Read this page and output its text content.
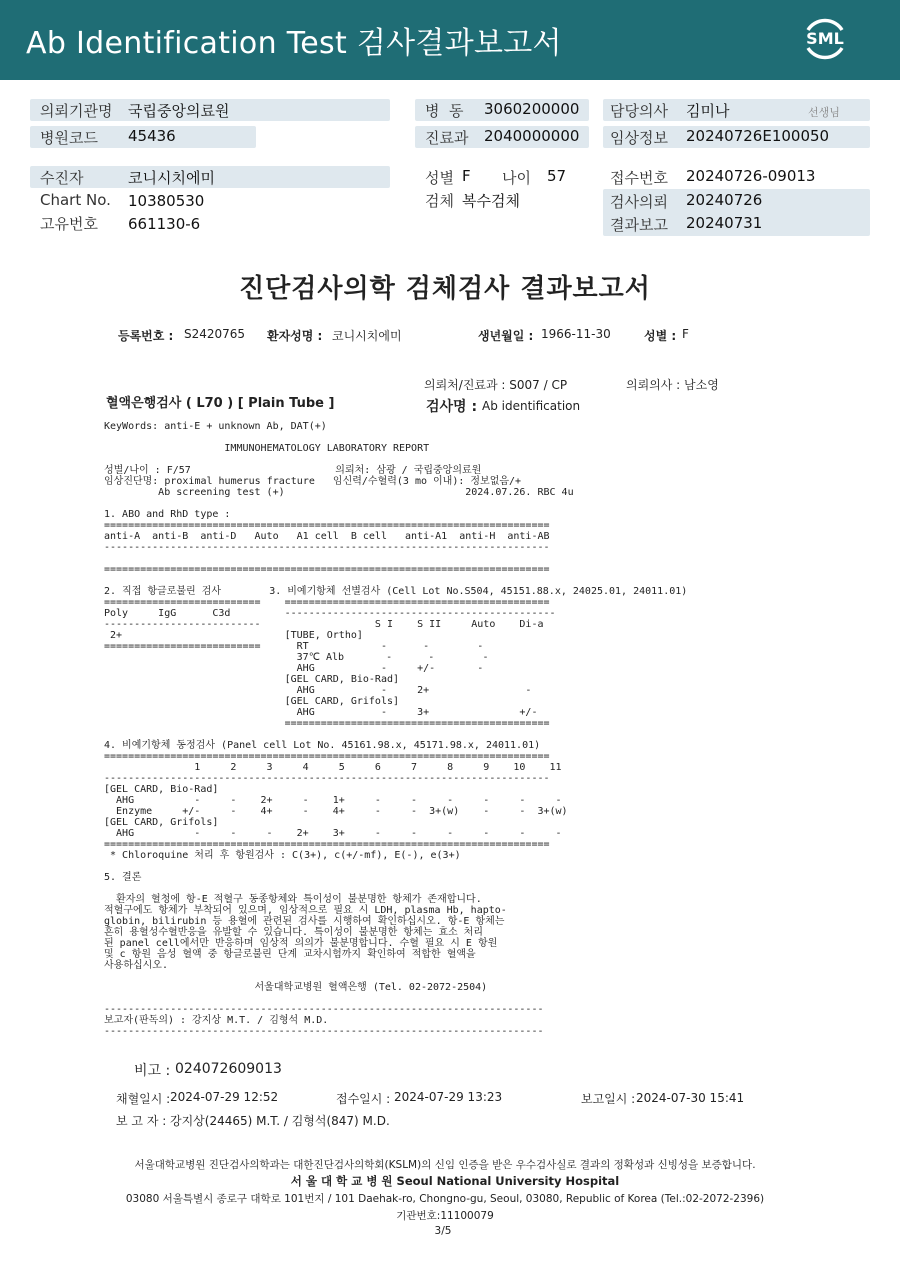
Ab Identification Test 검사결과보고서	SML
의뢰기관명 국립중앙의료원
병원코드 45436
병  동 3060200000
진료과 2040000000
담당의사 김미나	선생님
임상정보 20240726E100050
수진자	코니시치에미
Chart No. 10380530
고유번호 661130-6
성별 F 나이 57
검체 복수검체
접수번호 20240726-09013
검사의뢰 20240726
결과보고 20240731
진단검사의학 검체검사 결과보고서
등록번호 : S2420765 환자성명 : 코니시치에미	생년월일 : 1966-11-30	성별 : F
의뢰처/진료과 : S007 / CP	의뢰의사 : 남소영
혈액은행검사 ( L70 ) [ Plain Tube ]	검사명 : Ab identification
KeyWords: anti-E + unknown Ab, DAT(+)
IMMUNOHEMATOLOGY LABORATORY REPORT
성별/나이 : F/57                        의뢰처: 삼광 / 국립중앙의료원
임상진단명: proximal humerus fracture   임신력/수혈력(3 mo 이내): 정보없음/+
Ab screening test (+)                              2024.07.26. RBC 4u
1. ABO and RhD type :
==========================================================================
anti-A  anti-B  anti-D   Auto   A1 cell  B cell   anti-A1  anti-H  anti-AB
--------------------------------------------------------------------------
==========================================================================
2. 직접 항글로불린 검사        3. 비예기항체 선별검사 (Cell Lot No.S504, 45151.88.x, 24025.01, 24011.01)
==========================    ============================================
Poly     IgG      C3d         ---------------------------------------------
--------------------------                   S I    S II     Auto    Di-a
2+                           [TUBE, Ortho]
==========================      RT            -      -        -
37℃ Alb       -      -        -
AHG           -     +/-       -
[GEL CARD, Bio-Rad]
AHG           -     2+                -
[GEL CARD, Grifols]
AHG           -     3+               +/-
============================================
4. 비예기항체 동정검사 (Panel cell Lot No. 45161.98.x, 45171.98.x, 24011.01)
==========================================================================
1     2     3     4     5     6     7     8     9    10    11
--------------------------------------------------------------------------
[GEL CARD, Bio-Rad]
AHG          -     -    2+     -    1+     -     -     -     -     -     -
Enzyme     +/-     -    4+     -    4+     -     -  3+(w)    -     -  3+(w)
[GEL CARD, Grifols]
AHG          -     -     -    2+    3+     -     -     -     -     -     -
==========================================================================
* Chloroquine 처리 후 항원검사 : C(3+), c(+/-mf), E(-), e(3+)
5. 결론
환자의 혈청에 항-E 적혈구 동종항체와 특이성이 불분명한 항체가 존재합니다.
적혈구에도 항체가 부착되어 있으며, 임상적으로 필요 시 LDH, plasma Hb, hapto-
globin, bilirubin 등 용혈에 관련된 검사를 시행하여 확인하십시오. 항-E 항체는
흔히 용혈성수혈반응을 유발할 수 있습니다. 특이성이 불분명한 항체는 효소 처리
된 panel cell에서만 반응하며 임상적 의의가 불분명합니다. 수혈 필요 시 E 항원
및 c 항원 음성 혈액 중 항글로불린 단계 교차시험까지 확인하여 적합한 혈액을
사용하십시오.
서울대학교병원 혈액은행 (Tel. 02-2072-2504)
-------------------------------------------------------------------------
보고자(판독의) : 강지상 M.T. / 김형석 M.D.
-------------------------------------------------------------------------
비고 : 024072609013
채혈일시 : 2024-07-29 12:52	접수일시 : 2024-07-29 13:23	보고일시 : 2024-07-30 15:41
보 고 자 : 강지상(24465) M.T. / 김형석(847) M.D.
서울대학교병원 진단검사의학과는 대한진단검사의학회(KSLM)의 신임 인증을 받은 우수검사실로 결과의 정확성과 신빙성을 보증합니다.
서 울 대 학 교 병 원 Seoul National University Hospital
03080 서울특별시 종로구 대학로 101번지 / 101 Daehak-ro, Chongno-gu, Seoul, 03080, Republic of Korea (Tel.:02-2072-2396)
기관번호:11100079
3/5
